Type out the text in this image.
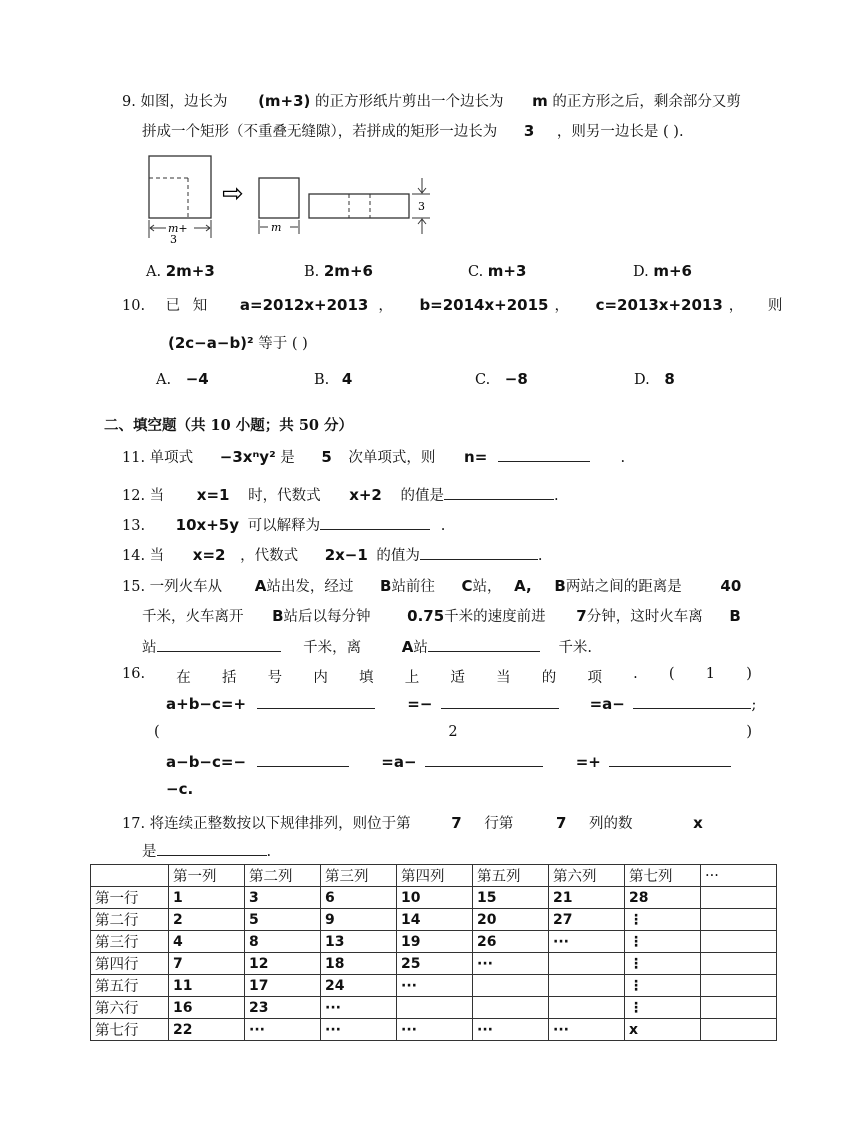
9. 如图，边长为 (m+3) 的正方形纸片剪出一个边长为 m 的正方形之后，剩余部分又剪
拼成一个矩形（不重叠无缝隙），若拼成的矩形一边长为 3 ，则另一边长是 ( ).
m+
3
⇨
m
3
A. 2m+3	B. 2m+6	C. m+3	D. m+6
10. 已 知 a=2012x+2013 ， b=2014x+2015 ， c=2013x+2013 ， 则
(2c−a−b)² 等于 ( )
A. −4	B. 4	C. −8	D. 8
二、填空题（共 10 小题；共 50 分）
11. 单项式 −3xⁿy² 是 5 次单项式，则 n=	.
12. 当 x=1 时，代数式 x+2 的值是	.
13. 10x+5y 可以解释为	.
14. 当 x=2 ，代数式 2x−1 的值为	.
15. 一列火车从 A站出发，经过 B站前往 C站， A, B两站之间的距离是	40
千米，火车离开 B站后以每分钟 0.75千米的速度前进 7分钟，这时火车离 B
站	千米，离	A站	千米.
16. 在 括 号 内 填 上 适 当 的 项 . ( 1 )
a+b−c=+	=−	=a−	;
(	2	)
a−b−c=−	=a−	=+
−c.
17. 将连续正整数按以下规律排列，则位于第	7 行第	7 列的数	x
是	.
	第一列	第二列	第三列	第四列	第五列	第六列	第七列	···
第一行	1	3	6	10	15	21	28	
第二行	2	5	9	14	20	27	⋮	
第三行	4	8	13	19	26	···	⋮	
第四行	7	12	18	25	···		⋮	
第五行	11	17	24	···			⋮	
第六行	16	23	···				⋮	
第七行	22	···	···	···	···	···	x	
